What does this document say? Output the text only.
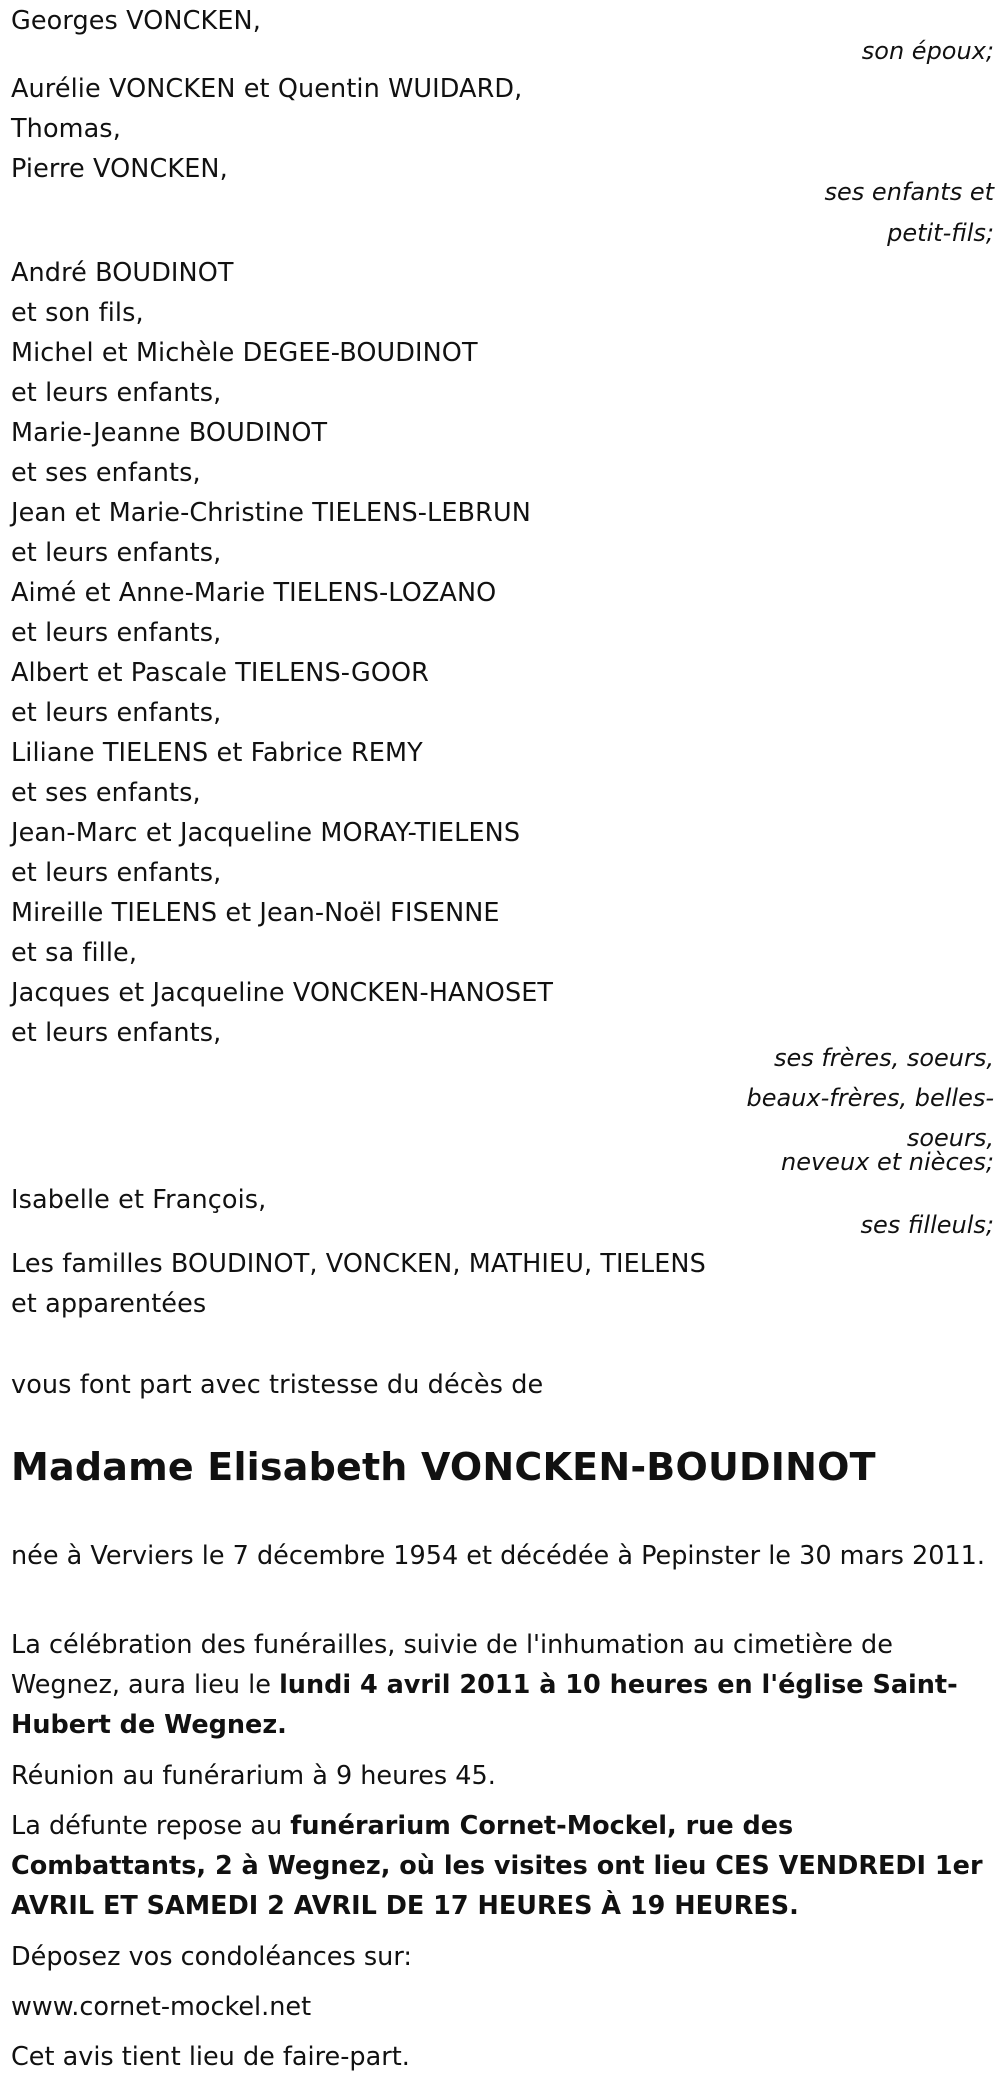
Georges VONCKEN,
son époux;
Aurélie VONCKEN et Quentin WUIDARD,
Thomas,
Pierre VONCKEN,
ses enfants et
petit-fils;
André BOUDINOT
et son fils,
Michel et Michèle DEGEE-BOUDINOT
et leurs enfants,
Marie-Jeanne BOUDINOT
et ses enfants,
Jean et Marie-Christine TIELENS-LEBRUN
et leurs enfants,
Aimé et Anne-Marie TIELENS-LOZANO
et leurs enfants,
Albert et Pascale TIELENS-GOOR
et leurs enfants,
Liliane TIELENS et Fabrice REMY
et ses enfants,
Jean-Marc et Jacqueline MORAY-TIELENS
et leurs enfants,
Mireille TIELENS et Jean-Noël FISENNE
et sa fille,
Jacques et Jacqueline VONCKEN-HANOSET
et leurs enfants,
ses frères, soeurs,
beaux-frères, belles-
soeurs,
neveux et nièces;
Isabelle et François,
ses filleuls;
Les familles BOUDINOT, VONCKEN, MATHIEU, TIELENS
et apparentées
vous font part avec tristesse du décès de
Madame Elisabeth VONCKEN-BOUDINOT
née à Verviers le 7 décembre 1954 et décédée à Pepinster le 30 mars 2011.
La célébration des funérailles, suivie de l'inhumation au cimetière de Wegnez, aura lieu le lundi 4 avril 2011 à 10 heures en l'église Saint-Hubert de Wegnez.
Réunion au funérarium à 9 heures 45.
La défunte repose au funérarium Cornet-Mockel, rue des Combattants, 2 à Wegnez, où les visites ont lieu CES VENDREDI 1er AVRIL ET SAMEDI 2 AVRIL DE 17 HEURES À 19 HEURES.
Déposez vos condoléances sur:
www.cornet-mockel.net
Cet avis tient lieu de faire-part.
